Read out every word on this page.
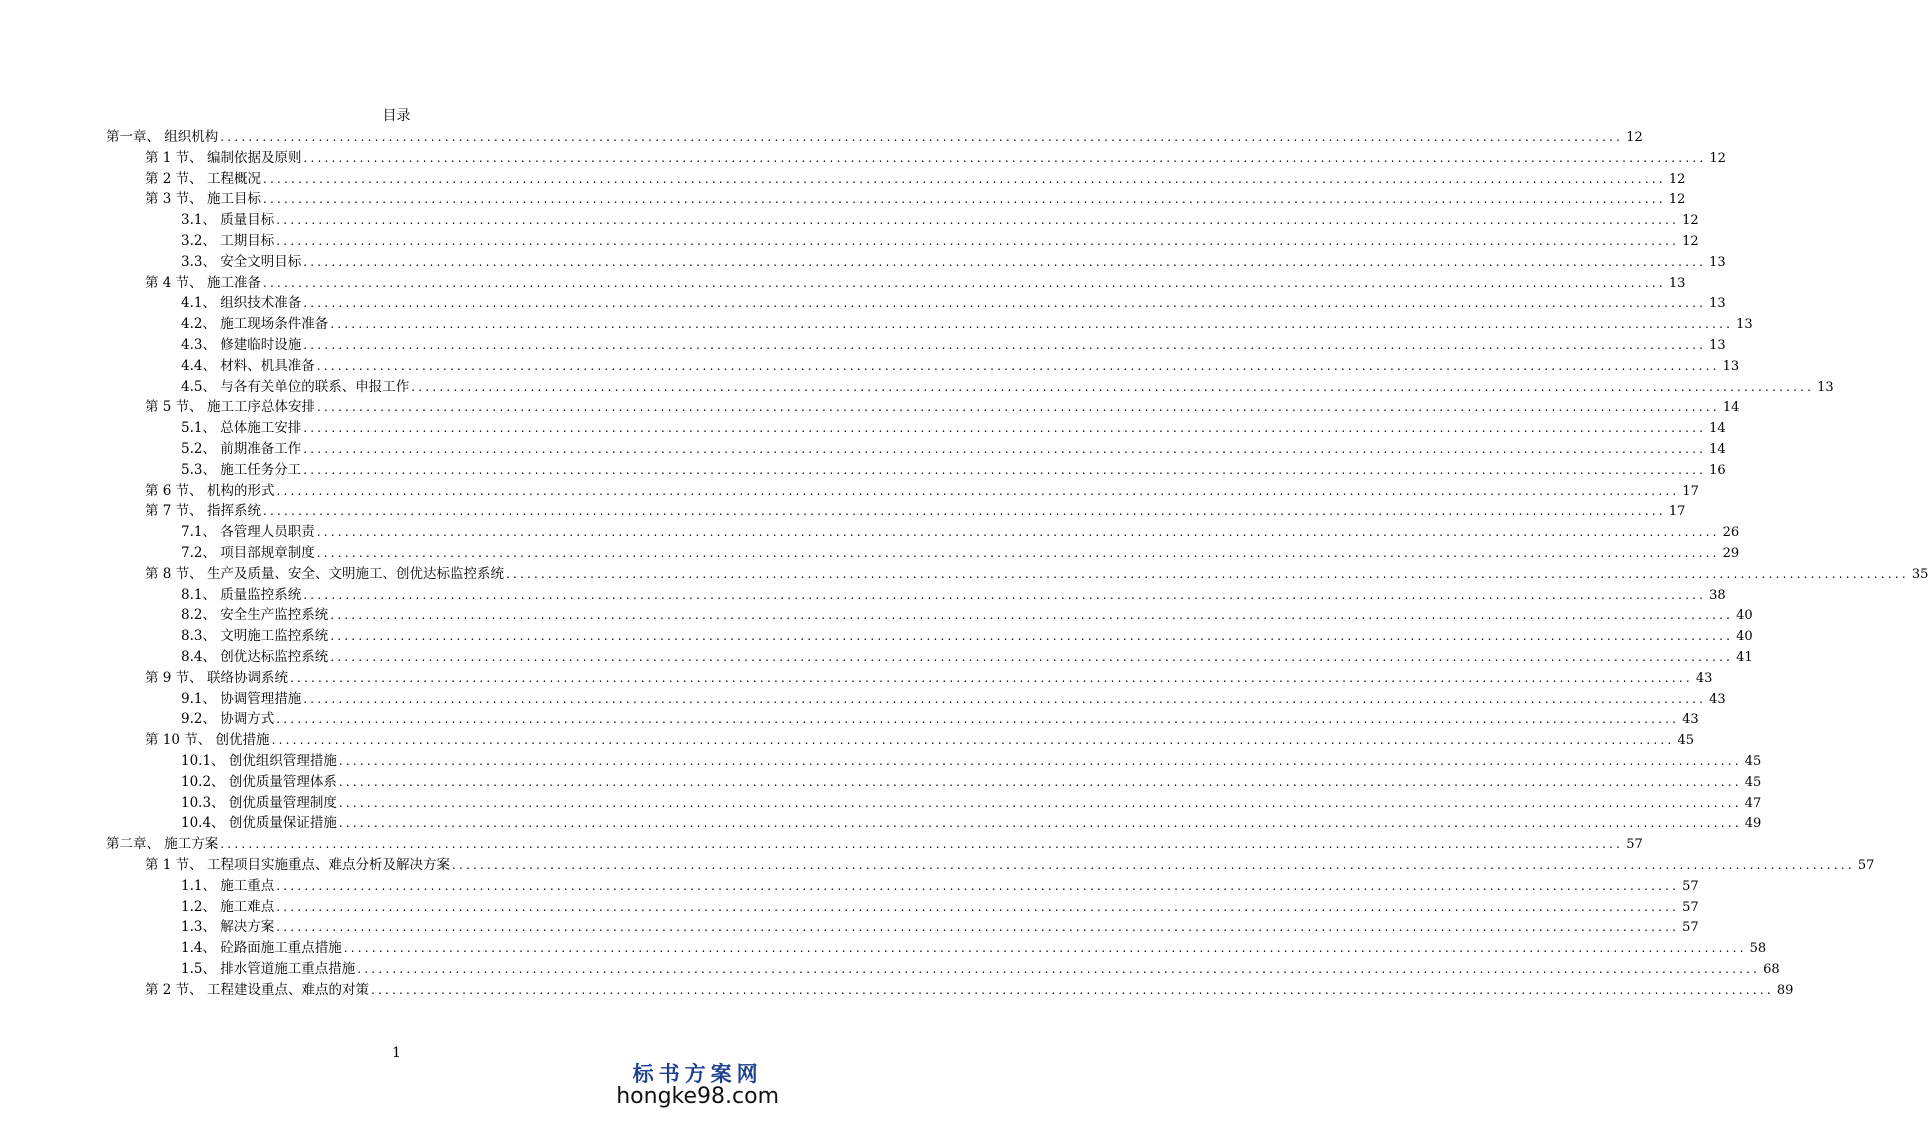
目录
第一章、 组织机构 ........................................................................................................................................................................................................ 12
第 1 节、 编制依据及原则 ........................................................................................................................................................................................................ 12
第 2 节、 工程概况 ........................................................................................................................................................................................................ 12
第 3 节、 施工目标 ........................................................................................................................................................................................................ 12
3.1、 质量目标 ........................................................................................................................................................................................................ 12
3.2、 工期目标 ........................................................................................................................................................................................................ 12
3.3、 安全文明目标 ........................................................................................................................................................................................................ 13
第 4 节、 施工准备 ........................................................................................................................................................................................................ 13
4.1、 组织技术准备 ........................................................................................................................................................................................................ 13
4.2、 施工现场条件准备 ........................................................................................................................................................................................................ 13
4.3、 修建临时设施 ........................................................................................................................................................................................................ 13
4.4、 材料、机具准备 ........................................................................................................................................................................................................ 13
4.5、 与各有关单位的联系、申报工作 ........................................................................................................................................................................................................ 13
第 5 节、 施工工序总体安排 ........................................................................................................................................................................................................ 14
5.1、 总体施工安排 ........................................................................................................................................................................................................ 14
5.2、 前期准备工作 ........................................................................................................................................................................................................ 14
5.3、 施工任务分工 ........................................................................................................................................................................................................ 16
第 6 节、 机构的形式 ........................................................................................................................................................................................................ 17
第 7 节、 指挥系统 ........................................................................................................................................................................................................ 17
7.1、 各管理人员职责 ........................................................................................................................................................................................................ 26
7.2、 项目部规章制度 ........................................................................................................................................................................................................ 29
第 8 节、 生产及质量、安全、文明施工、创优达标监控系统 ........................................................................................................................................................................................................ 35
8.1、 质量监控系统 ........................................................................................................................................................................................................ 38
8.2、 安全生产监控系统 ........................................................................................................................................................................................................ 40
8.3、 文明施工监控系统 ........................................................................................................................................................................................................ 40
8.4、 创优达标监控系统 ........................................................................................................................................................................................................ 41
第 9 节、 联络协调系统 ........................................................................................................................................................................................................ 43
9.1、 协调管理措施 ........................................................................................................................................................................................................ 43
9.2、 协调方式 ........................................................................................................................................................................................................ 43
第 10 节、 创优措施 ........................................................................................................................................................................................................ 45
10.1、 创优组织管理措施 ........................................................................................................................................................................................................ 45
10.2、 创优质量管理体系 ........................................................................................................................................................................................................ 45
10.3、 创优质量管理制度 ........................................................................................................................................................................................................ 47
10.4、 创优质量保证措施 ........................................................................................................................................................................................................ 49
第二章、 施工方案 ........................................................................................................................................................................................................ 57
第 1 节、 工程项目实施重点、难点分析及解决方案 ........................................................................................................................................................................................................ 57
1.1、 施工重点 ........................................................................................................................................................................................................ 57
1.2、 施工难点 ........................................................................................................................................................................................................ 57
1.3、 解决方案 ........................................................................................................................................................................................................ 57
1.4、 砼路面施工重点措施 ........................................................................................................................................................................................................ 58
1.5、 排水管道施工重点措施 ........................................................................................................................................................................................................ 68
第 2 节、 工程建设重点、难点的对策 ........................................................................................................................................................................................................ 89
1
标书方案网
hongke98.com
